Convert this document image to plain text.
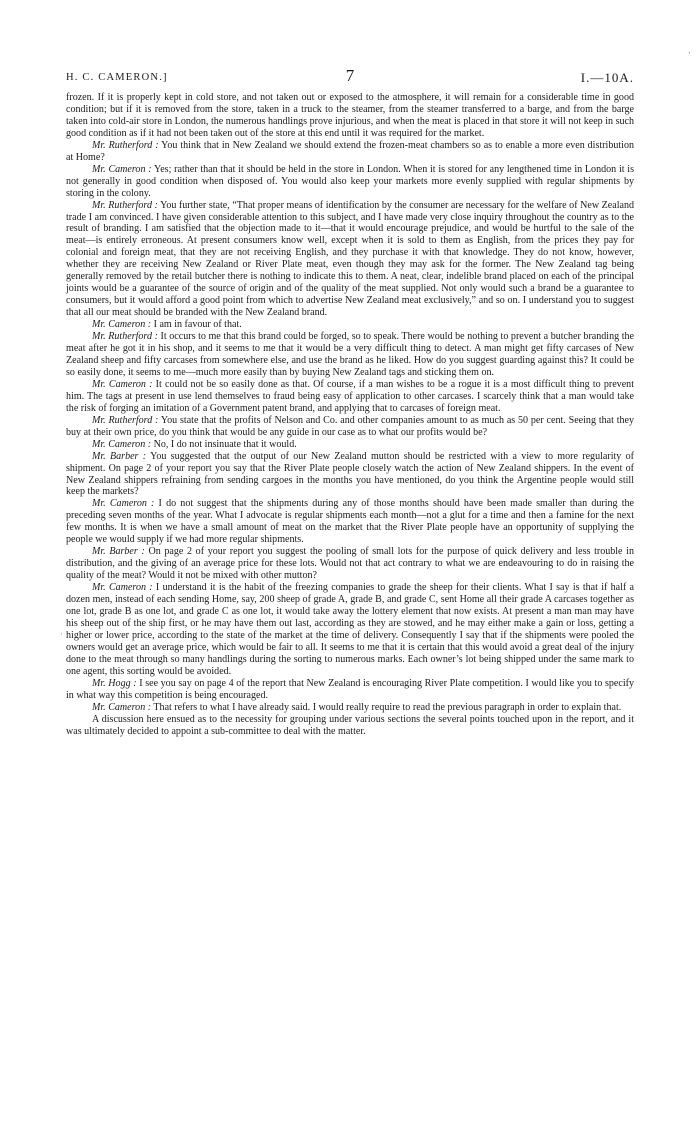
,
·
H. C. CAMERON.]	7	I.—10A.

frozen. If it is properly kept in cold store, and not taken out or exposed to the atmosphere, it will remain for a considerable time in good condition; but if it is removed from the store, taken in a truck to the steamer, from the steamer transferred to a barge, and from the barge taken into cold-air store in London, the numerous handlings prove injurious, and when the meat is placed in that store it will not keep in such good condition as if it had not been taken out of the store at this end until it was required for the market.

Mr. Rutherford : You think that in New Zealand we should extend the frozen-meat chambers so as to enable a more even distribution at Home?

Mr. Cameron : Yes; rather than that it should be held in the store in London. When it is stored for any lengthened time in London it is not generally in good condition when disposed of. You would also keep your markets more evenly supplied with regular shipments by storing in the colony.

Mr. Rutherford : You further state, “That proper means of identification by the consumer are necessary for the welfare of New Zealand trade I am convinced. I have given considerable attention to this subject, and I have made very close inquiry throughout the country as to the result of branding. I am satisfied that the objection made to it—that it would encourage prejudice, and would be hurtful to the sale of the meat—is entirely erroneous. At present consumers know well, except when it is sold to them as English, from the prices they pay for colonial and foreign meat, that they are not receiving English, and they purchase it with that knowledge. They do not know, however, whether they are receiving New Zealand or River Plate meat, even though they may ask for the former. The New Zealand tag being generally removed by the retail butcher there is nothing to indicate this to them. A neat, clear, indelible brand placed on each of the principal joints would be a guarantee of the source of origin and of the quality of the meat supplied. Not only would such a brand be a guarantee to consumers, but it would afford a good point from which to advertise New Zealand meat exclusively,” and so on. I understand you to suggest that all our meat should be branded with the New Zealand brand.

Mr. Cameron : I am in favour of that.

Mr. Rutherford : It occurs to me that this brand could be forged, so to speak. There would be nothing to prevent a butcher branding the meat after he got it in his shop, and it seems to me that it would be a very difficult thing to detect. A man might get fifty carcases of New Zealand sheep and fifty carcases from somewhere else, and use the brand as he liked. How do you suggest guarding against this? It could be so easily done, it seems to me—much more easily than by buying New Zealand tags and sticking them on.

Mr. Cameron : It could not be so easily done as that. Of course, if a man wishes to be a rogue it is a most difficult thing to prevent him. The tags at present in use lend themselves to fraud being easy of application to other carcases. I scarcely think that a man would take the risk of forging an imitation of a Government patent brand, and applying that to carcases of foreign meat.

Mr. Rutherford : You state that the profits of Nelson and Co. and other companies amount to as much as 50 per cent. Seeing that they buy at their own price, do you think that would be any guide in our case as to what our profits would be?

Mr. Cameron : No, I do not insinuate that it would.

Mr. Barber : You suggested that the output of our New Zealand mutton should be restricted with a view to more regularity of shipment. On page 2 of your report you say that the River Plate people closely watch the action of New Zealand shippers. In the event of New Zealand shippers refraining from sending cargoes in the months you have mentioned, do you think the Argentine people would still keep the markets?

Mr. Cameron : I do not suggest that the shipments during any of those months should have been made smaller than during the preceding seven months of the year. What I advocate is regular shipments each month—not a glut for a time and then a famine for the next few months. It is when we have a small amount of meat on the market that the River Plate people have an opportunity of supplying the people we would supply if we had more regular shipments.

Mr. Barber : On page 2 of your report you suggest the pooling of small lots for the purpose of quick delivery and less trouble in distribution, and the giving of an average price for these lots. Would not that act contrary to what we are endeavouring to do in raising the quality of the meat? Would it not be mixed with other mutton?

Mr. Cameron : I understand it is the habit of the freezing companies to grade the sheep for their clients. What I say is that if half a dozen men, instead of each sending Home, say, 200 sheep of grade A, grade B, and grade C, sent Home all their grade A carcases together as one lot, grade B as one lot, and grade C as one lot, it would take away the lottery element that now exists. At present a man man may have his sheep out of the ship first, or he may have them out last, according as they are stowed, and he may either make a gain or loss, getting a higher or lower price, according to the state of the market at the time of delivery. Consequently I say that if the shipments were pooled the owners would get an average price, which would be fair to all. It seems to me that it is certain that this would avoid a great deal of the injury done to the meat through so many handlings during the sorting to numerous marks. Each owner’s lot being shipped under the same mark to one agent, this sorting would be avoided.

Mr. Hogg : I see you say on page 4 of the report that New Zealand is encouraging River Plate competition. I would like you to specify in what way this competition is being encouraged.

Mr. Cameron : That refers to what I have already said. I would really require to read the previous paragraph in order to explain that.

A discussion here ensued as to the necessity for grouping under various sections the several points touched upon in the report, and it was ultimately decided to appoint a sub-committee to deal with the matter.
